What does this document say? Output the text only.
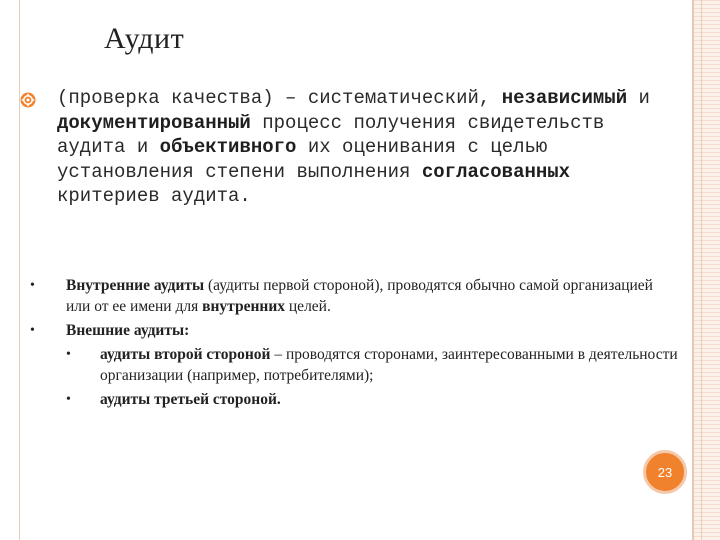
Аудит
(проверка качества) – систематический, независимый и документированный процесс получения свидетельств аудита и объективного их оценивания с целью установления степени выполнения согласованных критериев аудита.
• Внутренние аудиты (аудиты первой стороной), проводятся обычно самой организацией или от ее имени для внутренних целей.
• Внешние аудиты:
• аудиты второй стороной – проводятся сторонами, заинтересованными в деятельности организации (например, потребителями);
• аудиты третьей стороной.
23
